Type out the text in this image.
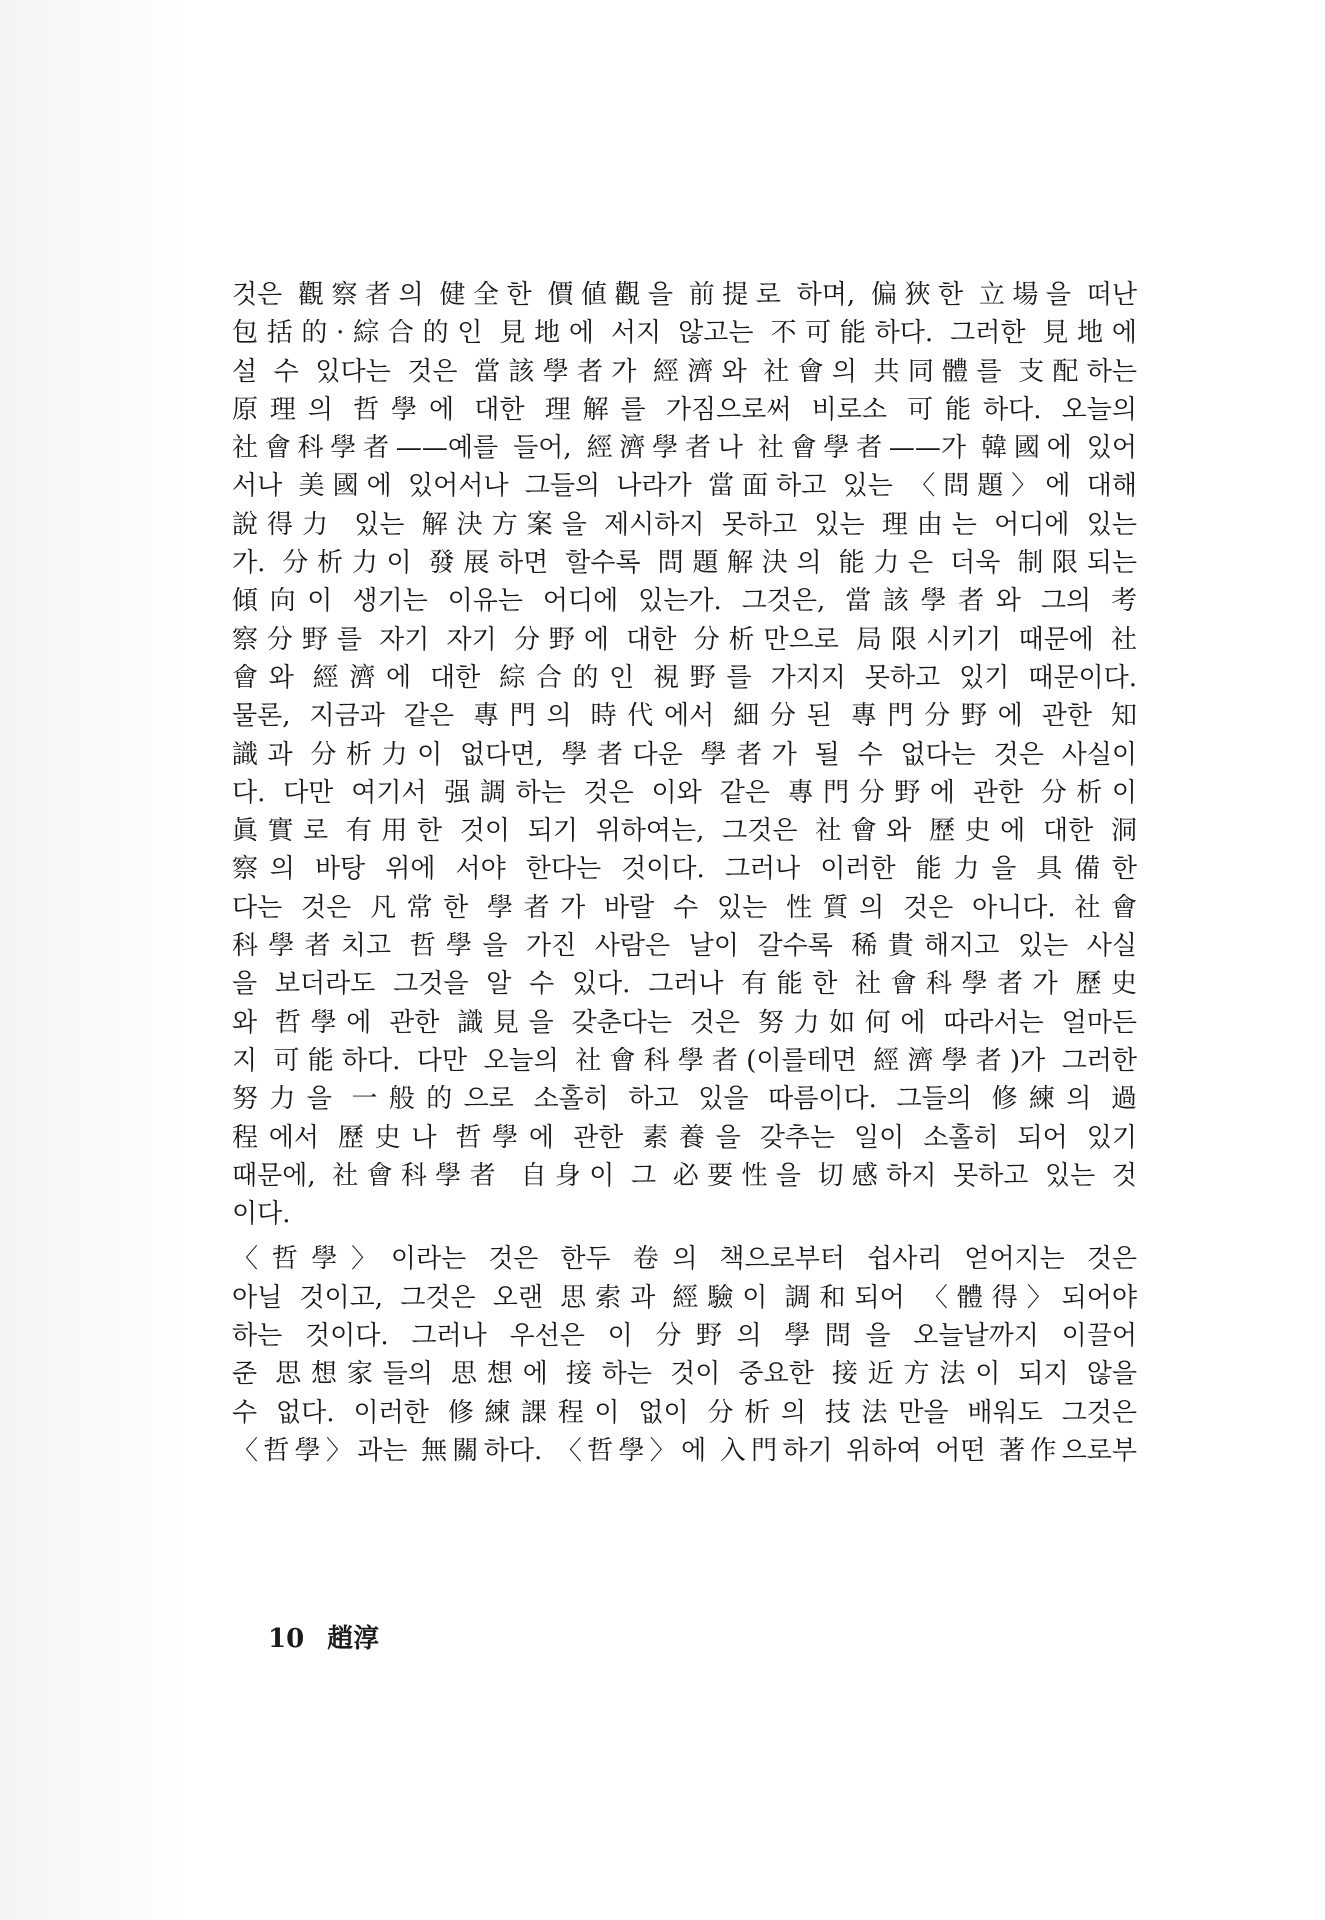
것은 觀察者의 健全한 價値觀을 前提로 하며, 偏狹한 立場을 떠난
包括的·綜合的인 見地에 서지 않고는 不可能하다. 그러한 見地에
설 수 있다는 것은 當該學者가 經濟와 社會의 共同體를 支配하는
原理의 哲學에 대한 理解를 가짐으로써 비로소 可能하다. 오늘의
社會科學者——예를 들어, 經濟學者나 社會學者——가 韓國에 있어
서나 美國에 있어서나 그들의 나라가 當面하고 있는 〈問題〉에 대해
說得力 있는 解決方案을 제시하지 못하고 있는 理由는 어디에 있는
가. 分析力이 發展하면 할수록 問題解決의 能力은 더욱 制限되는
傾向이 생기는 이유는 어디에 있는가. 그것은, 當該學者와 그의 考
察分野를 자기 자기 分野에 대한 分析만으로 局限시키기 때문에 社
會와 經濟에 대한 綜合的인 視野를 가지지 못하고 있기 때문이다.
물론, 지금과 같은 專門의 時代에서 細分된 專門分野에 관한 知
識과 分析力이 없다면, 學者다운 學者가 될 수 없다는 것은 사실이
다. 다만 여기서 强調하는 것은 이와 같은 專門分野에 관한 分析이
眞實로 有用한 것이 되기 위하여는, 그것은 社會와 歷史에 대한 洞
察의 바탕 위에 서야 한다는 것이다. 그러나 이러한 能力을 具備한
다는 것은 凡常한 學者가 바랄 수 있는 性質의 것은 아니다. 社會
科學者치고 哲學을 가진 사람은 날이 갈수록 稀貴해지고 있는 사실
을 보더라도 그것을 알 수 있다. 그러나 有能한 社會科學者가 歷史
와 哲學에 관한 識見을 갖춘다는 것은 努力如何에 따라서는 얼마든
지 可能하다. 다만 오늘의 社會科學者(이를테면 經濟學者)가 그러한
努力을 一般的으로 소홀히 하고 있을 따름이다. 그들의 修練의 過
程에서 歷史나 哲學에 관한 素養을 갖추는 일이 소홀히 되어 있기
때문에, 社會科學者 自身이 그 必要性을 切感하지 못하고 있는 것
이다.
〈哲學〉이라는 것은 한두 卷의 책으로부터 쉽사리 얻어지는 것은
아닐 것이고, 그것은 오랜 思索과 經驗이 調和되어 〈體得〉되어야
하는 것이다. 그러나 우선은 이 分野의 學問을 오늘날까지 이끌어
준 思想家들의 思想에 接하는 것이 중요한 接近方法이 되지 않을
수 없다. 이러한 修練課程이 없이 分析의 技法만을 배워도 그것은
〈哲學〉과는 無關하다. 〈哲學〉에 入門하기 위하여 어떤 著作으로부
10 趙淳
